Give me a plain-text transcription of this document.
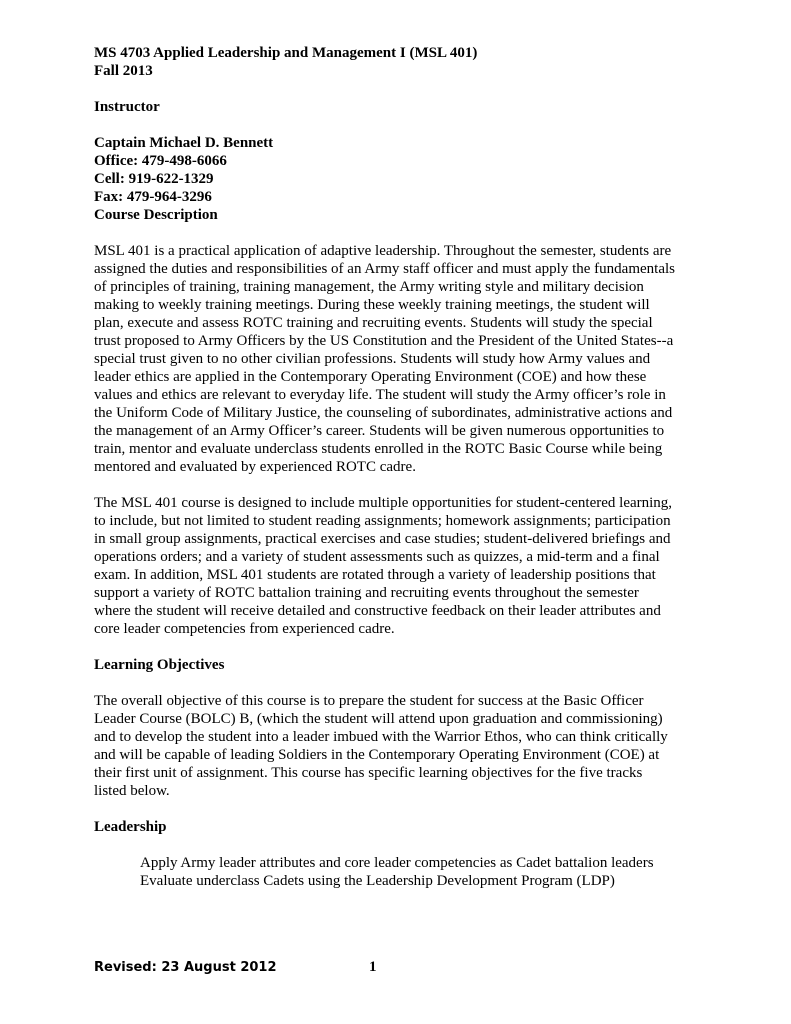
MS 4703 Applied Leadership and Management I (MSL 401)
Fall 2013
Instructor
Captain Michael D. Bennett
Office: 479-498-6066
Cell: 919-622-1329
Fax: 479-964-3296
Course Description
MSL 401 is a practical application of adaptive leadership. Throughout the semester, students are
assigned the duties and responsibilities of an Army staff officer and must apply the fundamentals
of principles of training, training management, the Army writing style and military decision
making to weekly training meetings. During these weekly training meetings, the student will
plan, execute and assess ROTC training and recruiting events. Students will study the special
trust proposed to Army Officers by the US Constitution and the President of the United States--a
special trust given to no other civilian professions. Students will study how Army values and
leader ethics are applied in the Contemporary Operating Environment (COE) and how these
values and ethics are relevant to everyday life. The student will study the Army officer’s role in
the Uniform Code of Military Justice, the counseling of subordinates, administrative actions and
the management of an Army Officer’s career. Students will be given numerous opportunities to
train, mentor and evaluate underclass students enrolled in the ROTC Basic Course while being
mentored and evaluated by experienced ROTC cadre.
The MSL 401 course is designed to include multiple opportunities for student-centered learning,
to include, but not limited to student reading assignments; homework assignments; participation
in small group assignments, practical exercises and case studies; student-delivered briefings and
operations orders; and a variety of student assessments such as quizzes, a mid-term and a final
exam. In addition, MSL 401 students are rotated through a variety of leadership positions that
support a variety of ROTC battalion training and recruiting events throughout the semester
where the student will receive detailed and constructive feedback on their leader attributes and
core leader competencies from experienced cadre.
Learning Objectives
The overall objective of this course is to prepare the student for success at the Basic Officer
Leader Course (BOLC) B, (which the student will attend upon graduation and commissioning)
and to develop the student into a leader imbued with the Warrior Ethos, who can think critically
and will be capable of leading Soldiers in the Contemporary Operating Environment (COE) at
their first unit of assignment. This course has specific learning objectives for the five tracks
listed below.
Leadership
Apply Army leader attributes and core leader competencies as Cadet battalion leaders
Evaluate underclass Cadets using the Leadership Development Program (LDP)
Revised: 23 August 2012	1
